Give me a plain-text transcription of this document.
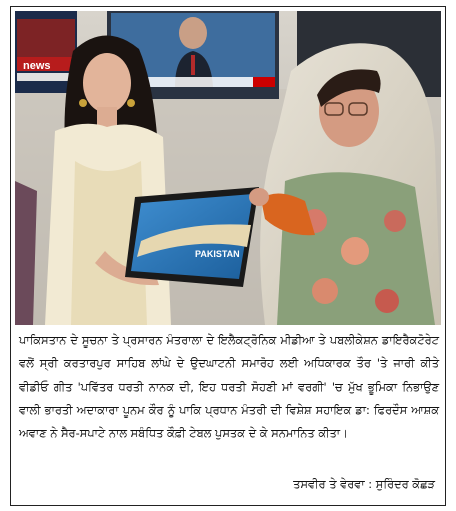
news
PAKISTAN

ਪਾਕਿਸਤਾਨ ਦੇ ਸੂਚਨਾ ਤੇ ਪ੍ਰਸਾਰਨ ਮੰਤਰਾਲਾ ਦੇ ਇਲੈਕਟ੍ਰੋਨਿਕ ਮੀਡੀਆ ਤੇ ਪਬਲੀਕੇਸ਼ਨ ਡਾਇਰੈਕਟੋਰੇਟ ਵਲੋਂ ਸ੍ਰੀ ਕਰਤਾਰਪੁਰ ਸਾਹਿਬ ਲਾਂਘੇ ਦੇ ਉਦਘਾਟਨੀ ਸਮਾਰੋਹ ਲਈ ਅਧਿਕਾਰਕ ਤੌਰ 'ਤੇ ਜਾਰੀ ਕੀਤੇ ਵੀਡੀਓ ਗੀਤ 'ਪਵਿੱਤਰ ਧਰਤੀ ਨਾਨਕ ਦੀ, ਇਹ ਧਰਤੀ ਸੋਹਣੀ ਮਾਂ ਵਰਗੀ' 'ਚ ਮੁੱਖ ਭੂਮਿਕਾ ਨਿਭਾਉਣ ਵਾਲੀ ਭਾਰਤੀ ਅਦਾਕਾਰਾ ਪੂਨਮ ਕੌਰ ਨੂੰ ਪਾਕਿ ਪ੍ਰਧਾਨ ਮੰਤਰੀ ਦੀ ਵਿਸ਼ੇਸ਼ ਸਹਾਇਕ ਡਾ: ਫਿਰਦੌਸ ਆਸ਼ਕ ਅਵਾਣ ਨੇ ਸੈਰ-ਸਪਾਟੇ ਨਾਲ ਸਬੰਧਿਤ ਕੌਫ਼ੀ ਟੇਬਲ ਪੁਸਤਕ ਦੇ ਕੇ ਸਨਮਾਨਿਤ ਕੀਤਾ।

ਤਸਵੀਰ ਤੇ ਵੇਰਵਾ : ਸੁਰਿੰਦਰ ਕੋਛੜ
